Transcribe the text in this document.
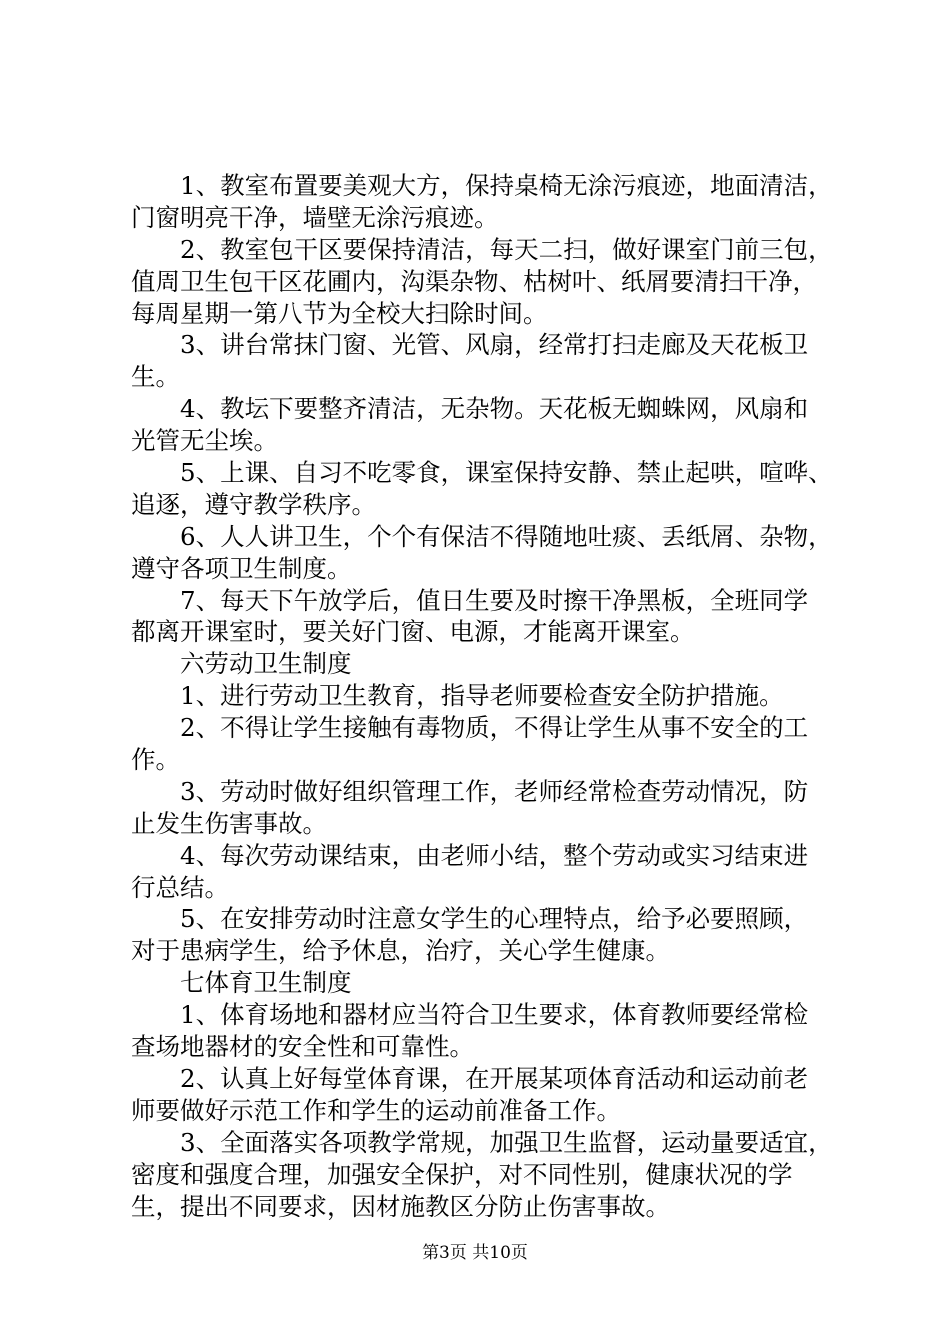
1、教室布置要美观大方，保持桌椅无涂污痕迹，地面清洁，
门窗明亮干净，墙壁无涂污痕迹。
2、教室包干区要保持清洁，每天二扫，做好课室门前三包，
值周卫生包干区花圃内，沟渠杂物、枯树叶、纸屑要清扫干净，
每周星期一第八节为全校大扫除时间。
3、讲台常抹门窗、光管、风扇，经常打扫走廊及天花板卫
生。
4、教坛下要整齐清洁，无杂物。天花板无蜘蛛网，风扇和
光管无尘埃。
5、上课、自习不吃零食，课室保持安静、禁止起哄，喧哗、
追逐，遵守教学秩序。
6、人人讲卫生，个个有保洁不得随地吐痰、丢纸屑、杂物，
遵守各项卫生制度。
7、每天下午放学后，值日生要及时擦干净黑板，全班同学
都离开课室时，要关好门窗、电源，才能离开课室。
六劳动卫生制度
1、进行劳动卫生教育，指导老师要检查安全防护措施。
2、不得让学生接触有毒物质，不得让学生从事不安全的工
作。
3、劳动时做好组织管理工作，老师经常检查劳动情况，防
止发生伤害事故。
4、每次劳动课结束，由老师小结，整个劳动或实习结束进
行总结。
5、在安排劳动时注意女学生的心理特点，给予必要照顾，
对于患病学生，给予休息，治疗，关心学生健康。
七体育卫生制度
1、体育场地和器材应当符合卫生要求，体育教师要经常检
查场地器材的安全性和可靠性。
2、认真上好每堂体育课，在开展某项体育活动和运动前老
师要做好示范工作和学生的运动前准备工作。
3、全面落实各项教学常规，加强卫生监督，运动量要适宜，
密度和强度合理，加强安全保护，对不同性别，健康状况的学
生，提出不同要求，因材施教区分防止伤害事故。
第3页 共10页
